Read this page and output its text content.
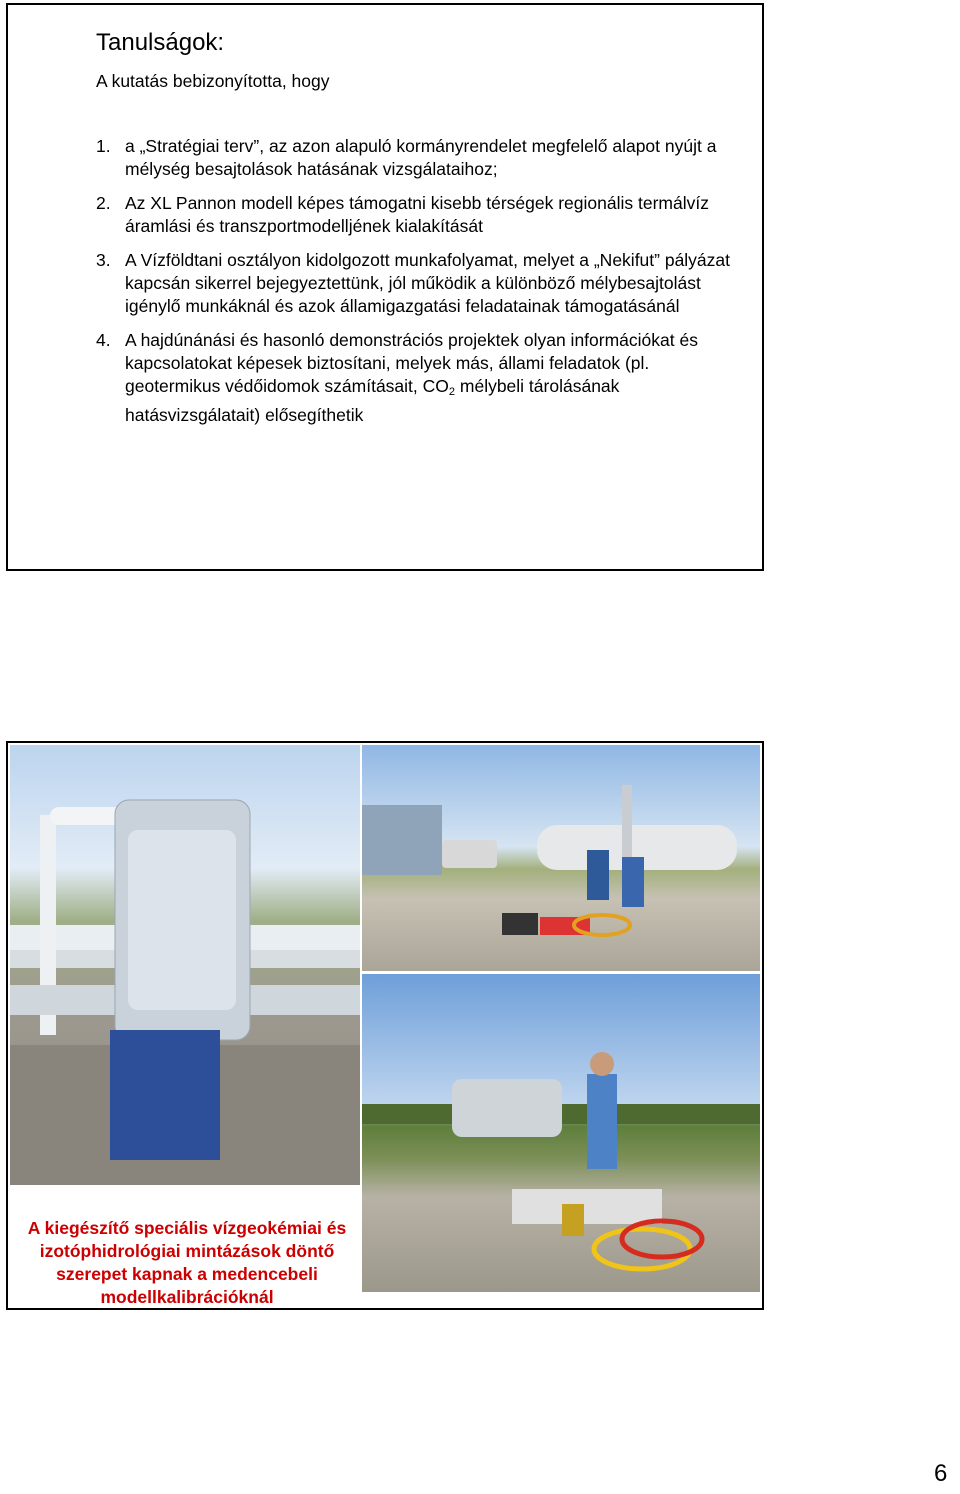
Tanulságok:
A kutatás bebizonyította, hogy
1. a „Stratégiai terv”, az azon alapuló kormányrendelet megfelelő alapot nyújt a mélység besajtolások hatásának vizsgálataihoz;
2. Az XL Pannon modell képes támogatni kisebb térségek regionális termálvíz áramlási és transzportmodelljének kialakítását
3. A Vízföldtani osztályon kidolgozott munkafolyamat, melyet a „Nekifut” pályázat kapcsán sikerrel bejegyeztettünk, jól működik a különböző mélybesajtolást igénylő munkáknál és azok államigazgatási feladatainak támogatásánál
4. A hajdúnánási és hasonló demonstrációs projektek olyan információkat és kapcsolatokat képesek biztosítani, melyek más, állami feladatok (pl. geotermikus védőidomok számításait, $CO_2$ mélybeli tárolásának hatásvizsgálatait) elősegíthetik
A kiegészítő speciális vízgeokémiai és izotóphidrológiai mintázások döntő szerepet kapnak a medencebeli modellkalibrációknál
6
